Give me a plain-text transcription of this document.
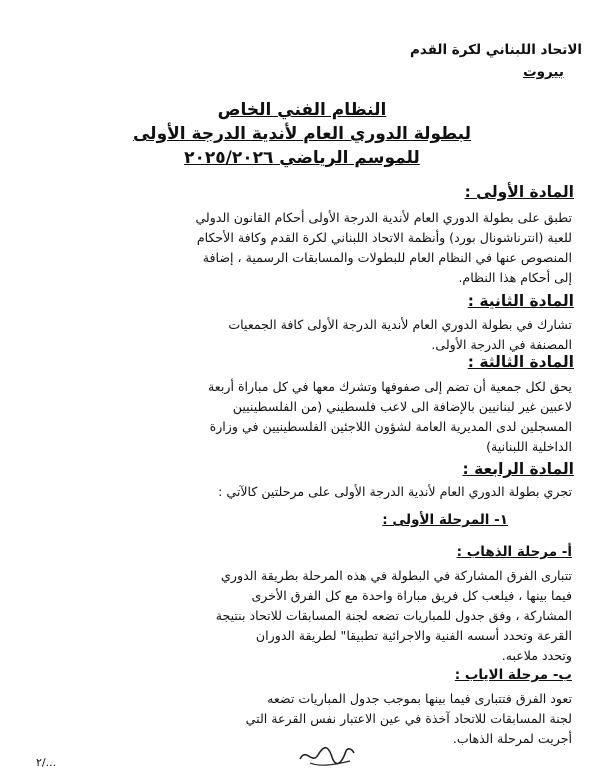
الاتحاد اللبناني لكرة القدم
بيروت
النظام الفني الخاص
لبطولة الدوري العام لأندية الدرجة الأولى
للموسم الرياضي ٢٠٢٥/٢٠٢٦
المادة الأولى :
تطبق على بطولة الدوري العام لأندية الدرجة الأولى أحكام القانون الدولي
للعبة (انترناشونال بورد) وأنظمة الاتحاد اللبناني لكرة القدم وكافة الأحكام
المنصوص عنها في النظام العام للبطولات والمسابقات الرسمية ، إضافة
إلى أحكام هذا النظام.
المادة الثانية :
تشارك في بطولة الدوري العام لأندية الدرجة الأولى كافة الجمعيات
المصنفة في الدرجة الأولى.
المادة الثالثة :
يحق لكل جمعية أن تضم إلى صفوفها وتشرك معها في كل مباراة أربعة
لاعبين غير لبنانيين بالإضافة الى لاعب فلسطيني (من الفلسطينيين
المسجلين لدى المديرية العامة لشؤون اللاجئين الفلسطينيين في وزارة
الداخلية اللبنانية)
المادة الرابعة :
تجري بطولة الدوري العام لأندية الدرجة الأولى على مرحلتين كالآتي :
١- المرحلة الأولى :
أ- مرحلة الذهاب :
تتبارى الفرق المشاركة في البطولة في هذه المرحلة بطريقة الدوري
فيما بينها ، فيلعب كل فريق مباراة واحدة مع كل الفرق الأخرى
المشاركة ، وفق جدول للمباريات تضعه لجنة المسابقات للاتحاد بنتيجة
القرعة وتحدد أسسه الفنية والاجرائية تطبيقا" لطريقة الدوران
وتحدد ملاعبه.
ب- مرحلة الاياب :
تعود الفرق فتتبارى فيما بينها بموجب جدول المباريات تضعه
لجنة المسابقات للاتحاد آخذة في عين الاعتبار نفس القرعة التي
أجريت لمرحلة الذهاب.
٢/...
